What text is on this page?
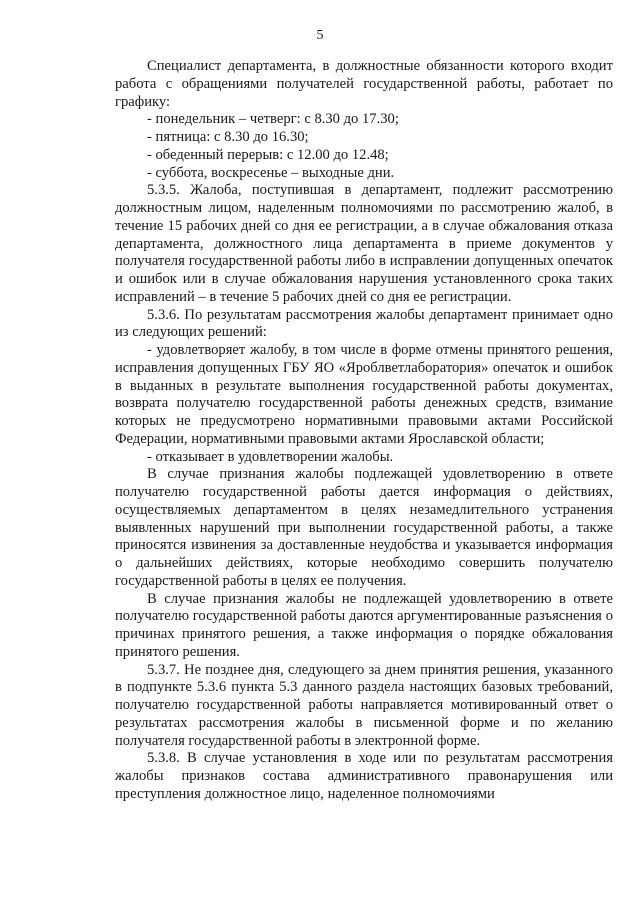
5

Специалист департамента, в должностные обязанности которого входит работа с обращениями получателей государственной работы, работает по графику:

- понедельник – четверг: с 8.30 до 17.30;

- пятница: с 8.30 до 16.30;

- обеденный перерыв: с 12.00 до 12.48;

- суббота, воскресенье – выходные дни.

5.3.5. Жалоба, поступившая в департамент, подлежит рассмотрению должностным лицом, наделенным полномочиями по рассмотрению жалоб, в течение 15 рабочих дней со дня ее регистрации, а в случае обжалования отказа департамента, должностного лица департамента в приеме документов у получателя государственной работы либо в исправлении допущенных опечаток и ошибок или в случае обжалования нарушения установленного срока таких исправлений – в течение 5 рабочих дней со дня ее регистрации.

5.3.6. По результатам рассмотрения жалобы департамент принимает одно из следующих решений:

- удовлетворяет жалобу, в том числе в форме отмены принятого решения, исправления допущенных ГБУ ЯО «Яроблветлаборатория» опечаток и ошибок в выданных в результате выполнения государственной работы документах, возврата получателю государственной работы денежных средств, взимание которых не предусмотрено нормативными правовыми актами Российской Федерации, нормативными правовыми актами Ярославской области;

- отказывает в удовлетворении жалобы.

В случае признания жалобы подлежащей удовлетворению в ответе получателю государственной работы дается информация о действиях, осуществляемых департаментом в целях незамедлительного устранения выявленных нарушений при выполнении государственной работы, а также приносятся извинения за доставленные неудобства и указывается информация о дальнейших действиях, которые необходимо совершить получателю государственной работы в целях ее получения.

В случае признания жалобы не подлежащей удовлетворению в ответе получателю государственной работы даются аргументированные разъяснения о причинах принятого решения, а также информация о порядке обжалования принятого решения.

5.3.7. Не позднее дня, следующего за днем принятия решения, указанного в подпункте 5.3.6 пункта 5.3 данного раздела настоящих базовых требований, получателю государственной работы направляется мотивированный ответ о результатах рассмотрения жалобы в письменной форме и по желанию получателя государственной работы в электронной форме.

5.3.8. В случае установления в ходе или по результатам рассмотрения жалобы признаков состава административного правонарушения или преступления должностное лицо, наделенное полномочиями
